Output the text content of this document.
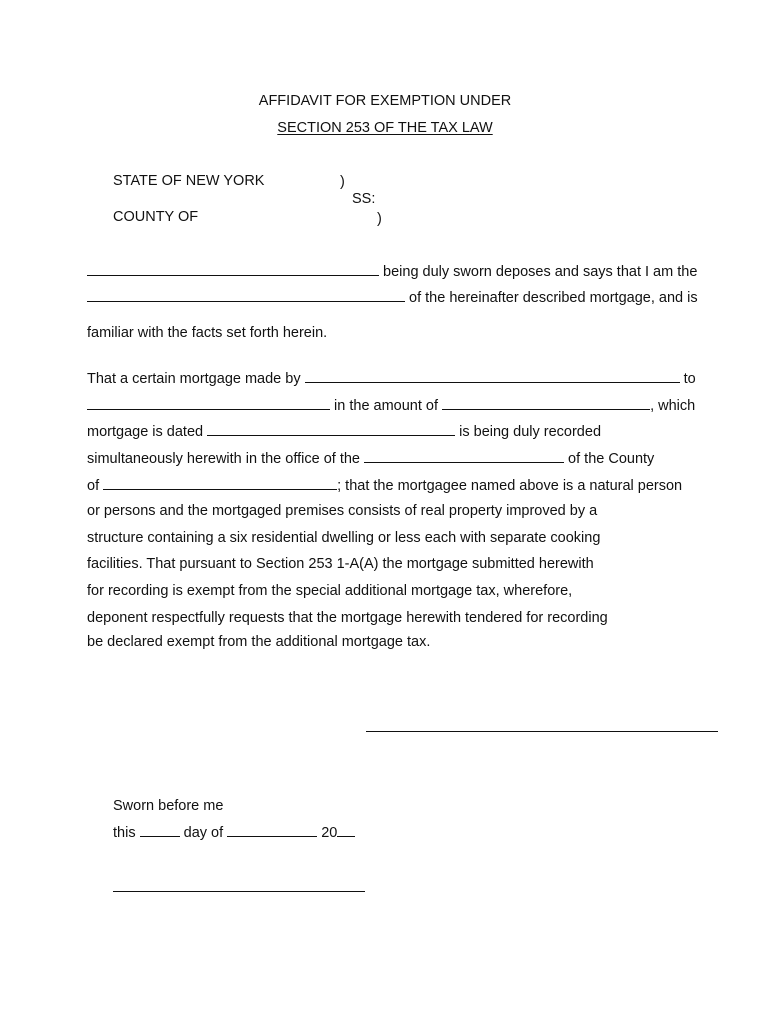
AFFIDAVIT FOR EXEMPTION UNDER
SECTION 253 OF THE TAX LAW
STATE OF NEW YORK	)
SS:
COUNTY OF	)
being duly sworn deposes and says that I am the
of the hereinafter described mortgage, and is
familiar with the facts set forth herein.
That a certain mortgage made by	to
in the amount of	, which
mortgage is dated	is being duly recorded
simultaneously herewith in the office of the	of the County
of	; that the mortgagee named above is a natural person
or persons and the mortgaged premises consists of real property improved by a
structure containing a six residential dwelling or less each with separate cooking
facilities. That pursuant to Section 253 1-A(A) the mortgage submitted herewith
for recording is exempt from the special additional mortgage tax, wherefore,
deponent respectfully requests that the mortgage herewith tendered for recording
be declared exempt from the additional mortgage tax.
Sworn before me
this	day of	20
